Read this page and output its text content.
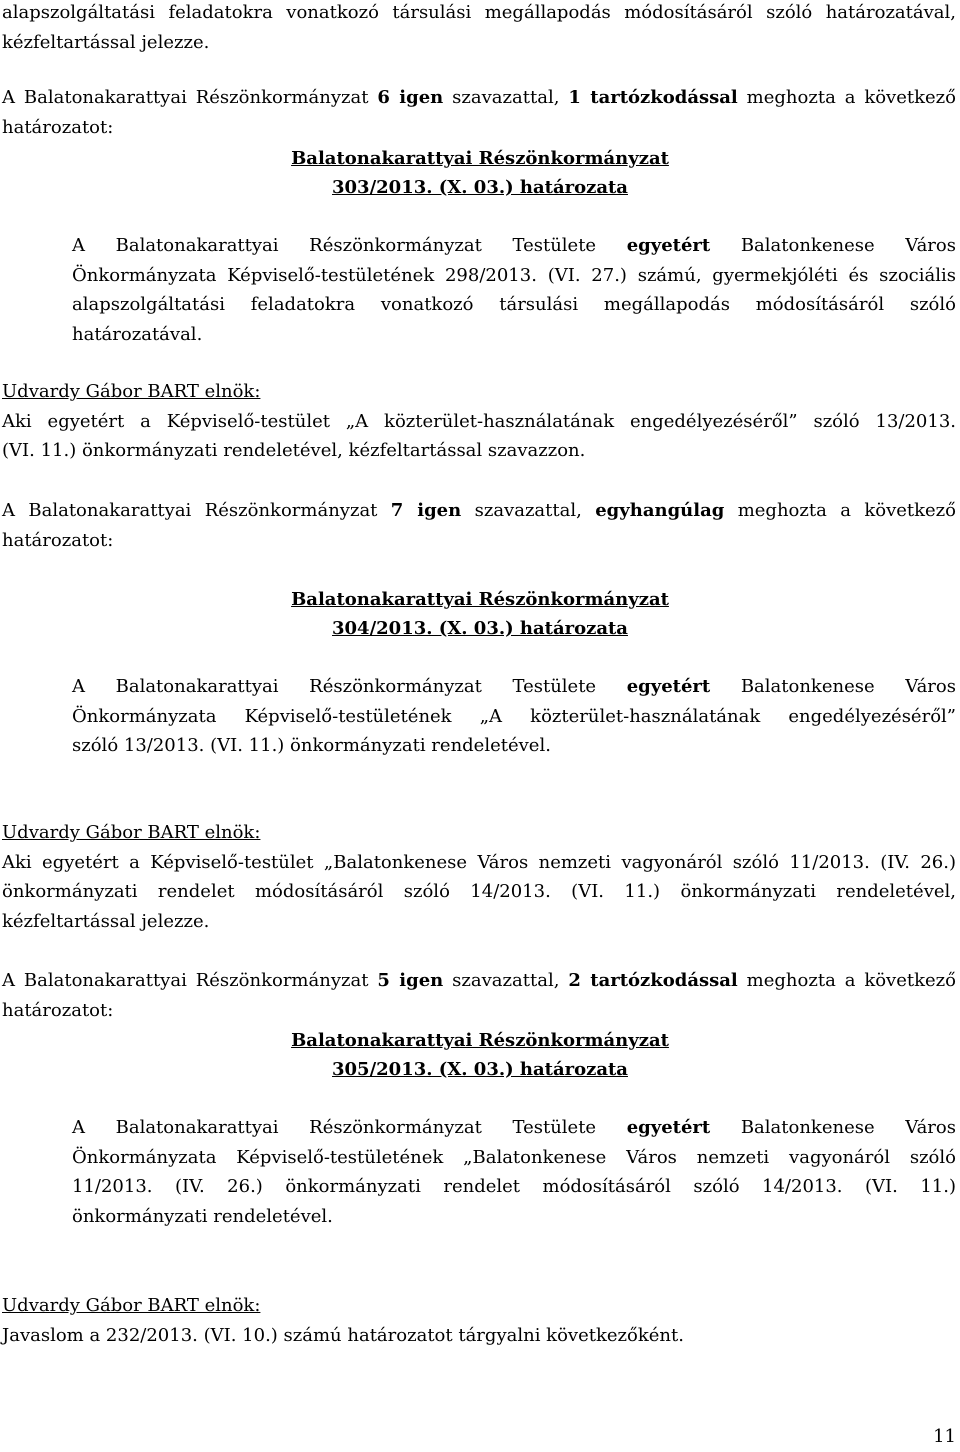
alapszolgáltatási feladatokra vonatkozó társulási megállapodás módosításáról szóló határozatával,
kézfeltartással jelezze.
A Balatonakarattyai Részönkormányzat 6 igen szavazattal, 1 tartózkodással meghozta a következő
határozatot:
Balatonakarattyai Részönkormányzat
303/2013. (X. 03.) határozata
A Balatonakarattyai Részönkormányzat Testülete egyetért Balatonkenese Város
Önkormányzata Képviselő-testületének 298/2013. (VI. 27.) számú, gyermekjóléti és szociális
alapszolgáltatási feladatokra vonatkozó társulási megállapodás módosításáról szóló
határozatával.
Udvardy Gábor BART elnök:
Aki egyetért a Képviselő-testület „A közterület-használatának engedélyezéséről” szóló 13/2013.
(VI. 11.) önkormányzati rendeletével, kézfeltartással szavazzon.
A Balatonakarattyai Részönkormányzat 7 igen szavazattal, egyhangúlag meghozta a következő
határozatot:
Balatonakarattyai Részönkormányzat
304/2013. (X. 03.) határozata
A Balatonakarattyai Részönkormányzat Testülete egyetért Balatonkenese Város
Önkormányzata Képviselő-testületének „A közterület-használatának engedélyezéséről”
szóló 13/2013. (VI. 11.) önkormányzati rendeletével.
Udvardy Gábor BART elnök:
Aki egyetért a Képviselő-testület „Balatonkenese Város nemzeti vagyonáról szóló 11/2013. (IV. 26.)
önkormányzati rendelet módosításáról szóló 14/2013. (VI. 11.) önkormányzati rendeletével,
kézfeltartással jelezze.
A Balatonakarattyai Részönkormányzat 5 igen szavazattal, 2 tartózkodással meghozta a következő
határozatot:
Balatonakarattyai Részönkormányzat
305/2013. (X. 03.) határozata
A Balatonakarattyai Részönkormányzat Testülete egyetért Balatonkenese Város
Önkormányzata Képviselő-testületének „Balatonkenese Város nemzeti vagyonáról szóló
11/2013. (IV. 26.) önkormányzati rendelet módosításáról szóló 14/2013. (VI. 11.)
önkormányzati rendeletével.
Udvardy Gábor BART elnök:
Javaslom a 232/2013. (VI. 10.) számú határozatot tárgyalni következőként.
11
